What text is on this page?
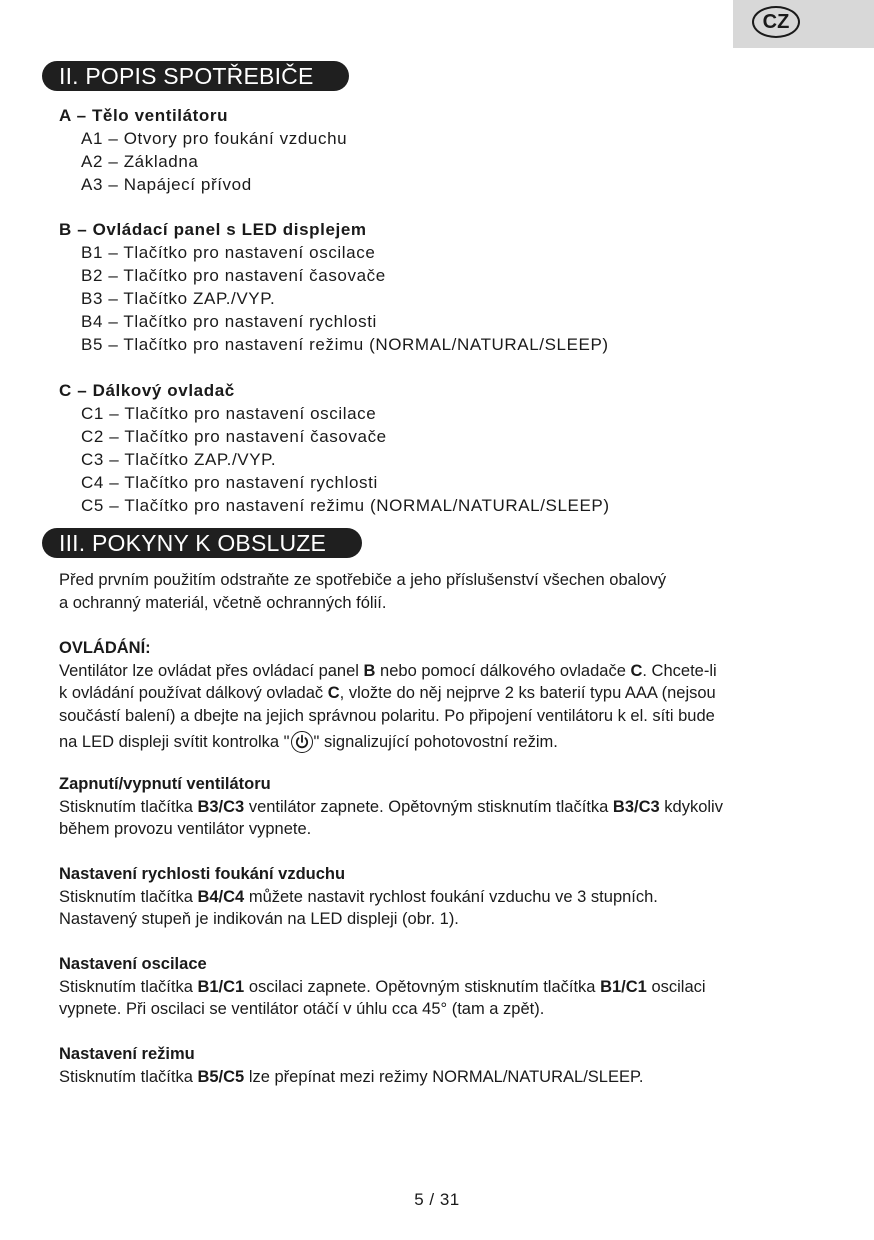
CZ
II. POPIS SPOTŘEBIČE
A – Tělo ventilátoru
A1 – Otvory pro foukání vzduchu
A2 – Základna
A3 – Napájecí přívod
B – Ovládací panel s LED displejem
B1 – Tlačítko pro nastavení oscilace
B2 – Tlačítko pro nastavení časovače
B3 – Tlačítko ZAP./VYP.
B4 – Tlačítko pro nastavení rychlosti
B5 – Tlačítko pro nastavení režimu (NORMAL/NATURAL/SLEEP)
C – Dálkový ovladač
C1 – Tlačítko pro nastavení oscilace
C2 – Tlačítko pro nastavení časovače
C3 – Tlačítko ZAP./VYP.
C4 – Tlačítko pro nastavení rychlosti
C5 – Tlačítko pro nastavení režimu (NORMAL/NATURAL/SLEEP)
III. POKYNY K OBSLUZE
Před prvním použitím odstraňte ze spotřebiče a jeho příslušenství všechen obalový
a ochranný materiál, včetně ochranných fólií.
OVLÁDÁNÍ:
Ventilátor lze ovládat přes ovládací panel B nebo pomocí dálkového ovladače C. Chcete-li
k ovládání používat dálkový ovladač C, vložte do něj nejprve 2 ks baterií typu AAA (nejsou
součástí balení) a dbejte na jejich správnou polaritu. Po připojení ventilátoru k el. síti bude
na LED displeji svítit kontrolka " " signalizující pohotovostní režim.
Zapnutí/vypnutí ventilátoru
Stisknutím tlačítka B3/C3 ventilátor zapnete. Opětovným stisknutím tlačítka B3/C3 kdykoliv
během provozu ventilátor vypnete.
Nastavení rychlosti foukání vzduchu
Stisknutím tlačítka B4/C4 můžete nastavit rychlost foukání vzduchu ve 3 stupních.
Nastavený stupeň je indikován na LED displeji (obr. 1).
Nastavení oscilace
Stisknutím tlačítka B1/C1 oscilaci zapnete. Opětovným stisknutím tlačítka B1/C1 oscilaci
vypnete. Při oscilaci se ventilátor otáčí v úhlu cca 45° (tam a zpět).
Nastavení režimu
Stisknutím tlačítka B5/C5 lze přepínat mezi režimy NORMAL/NATURAL/SLEEP.
5 / 31
